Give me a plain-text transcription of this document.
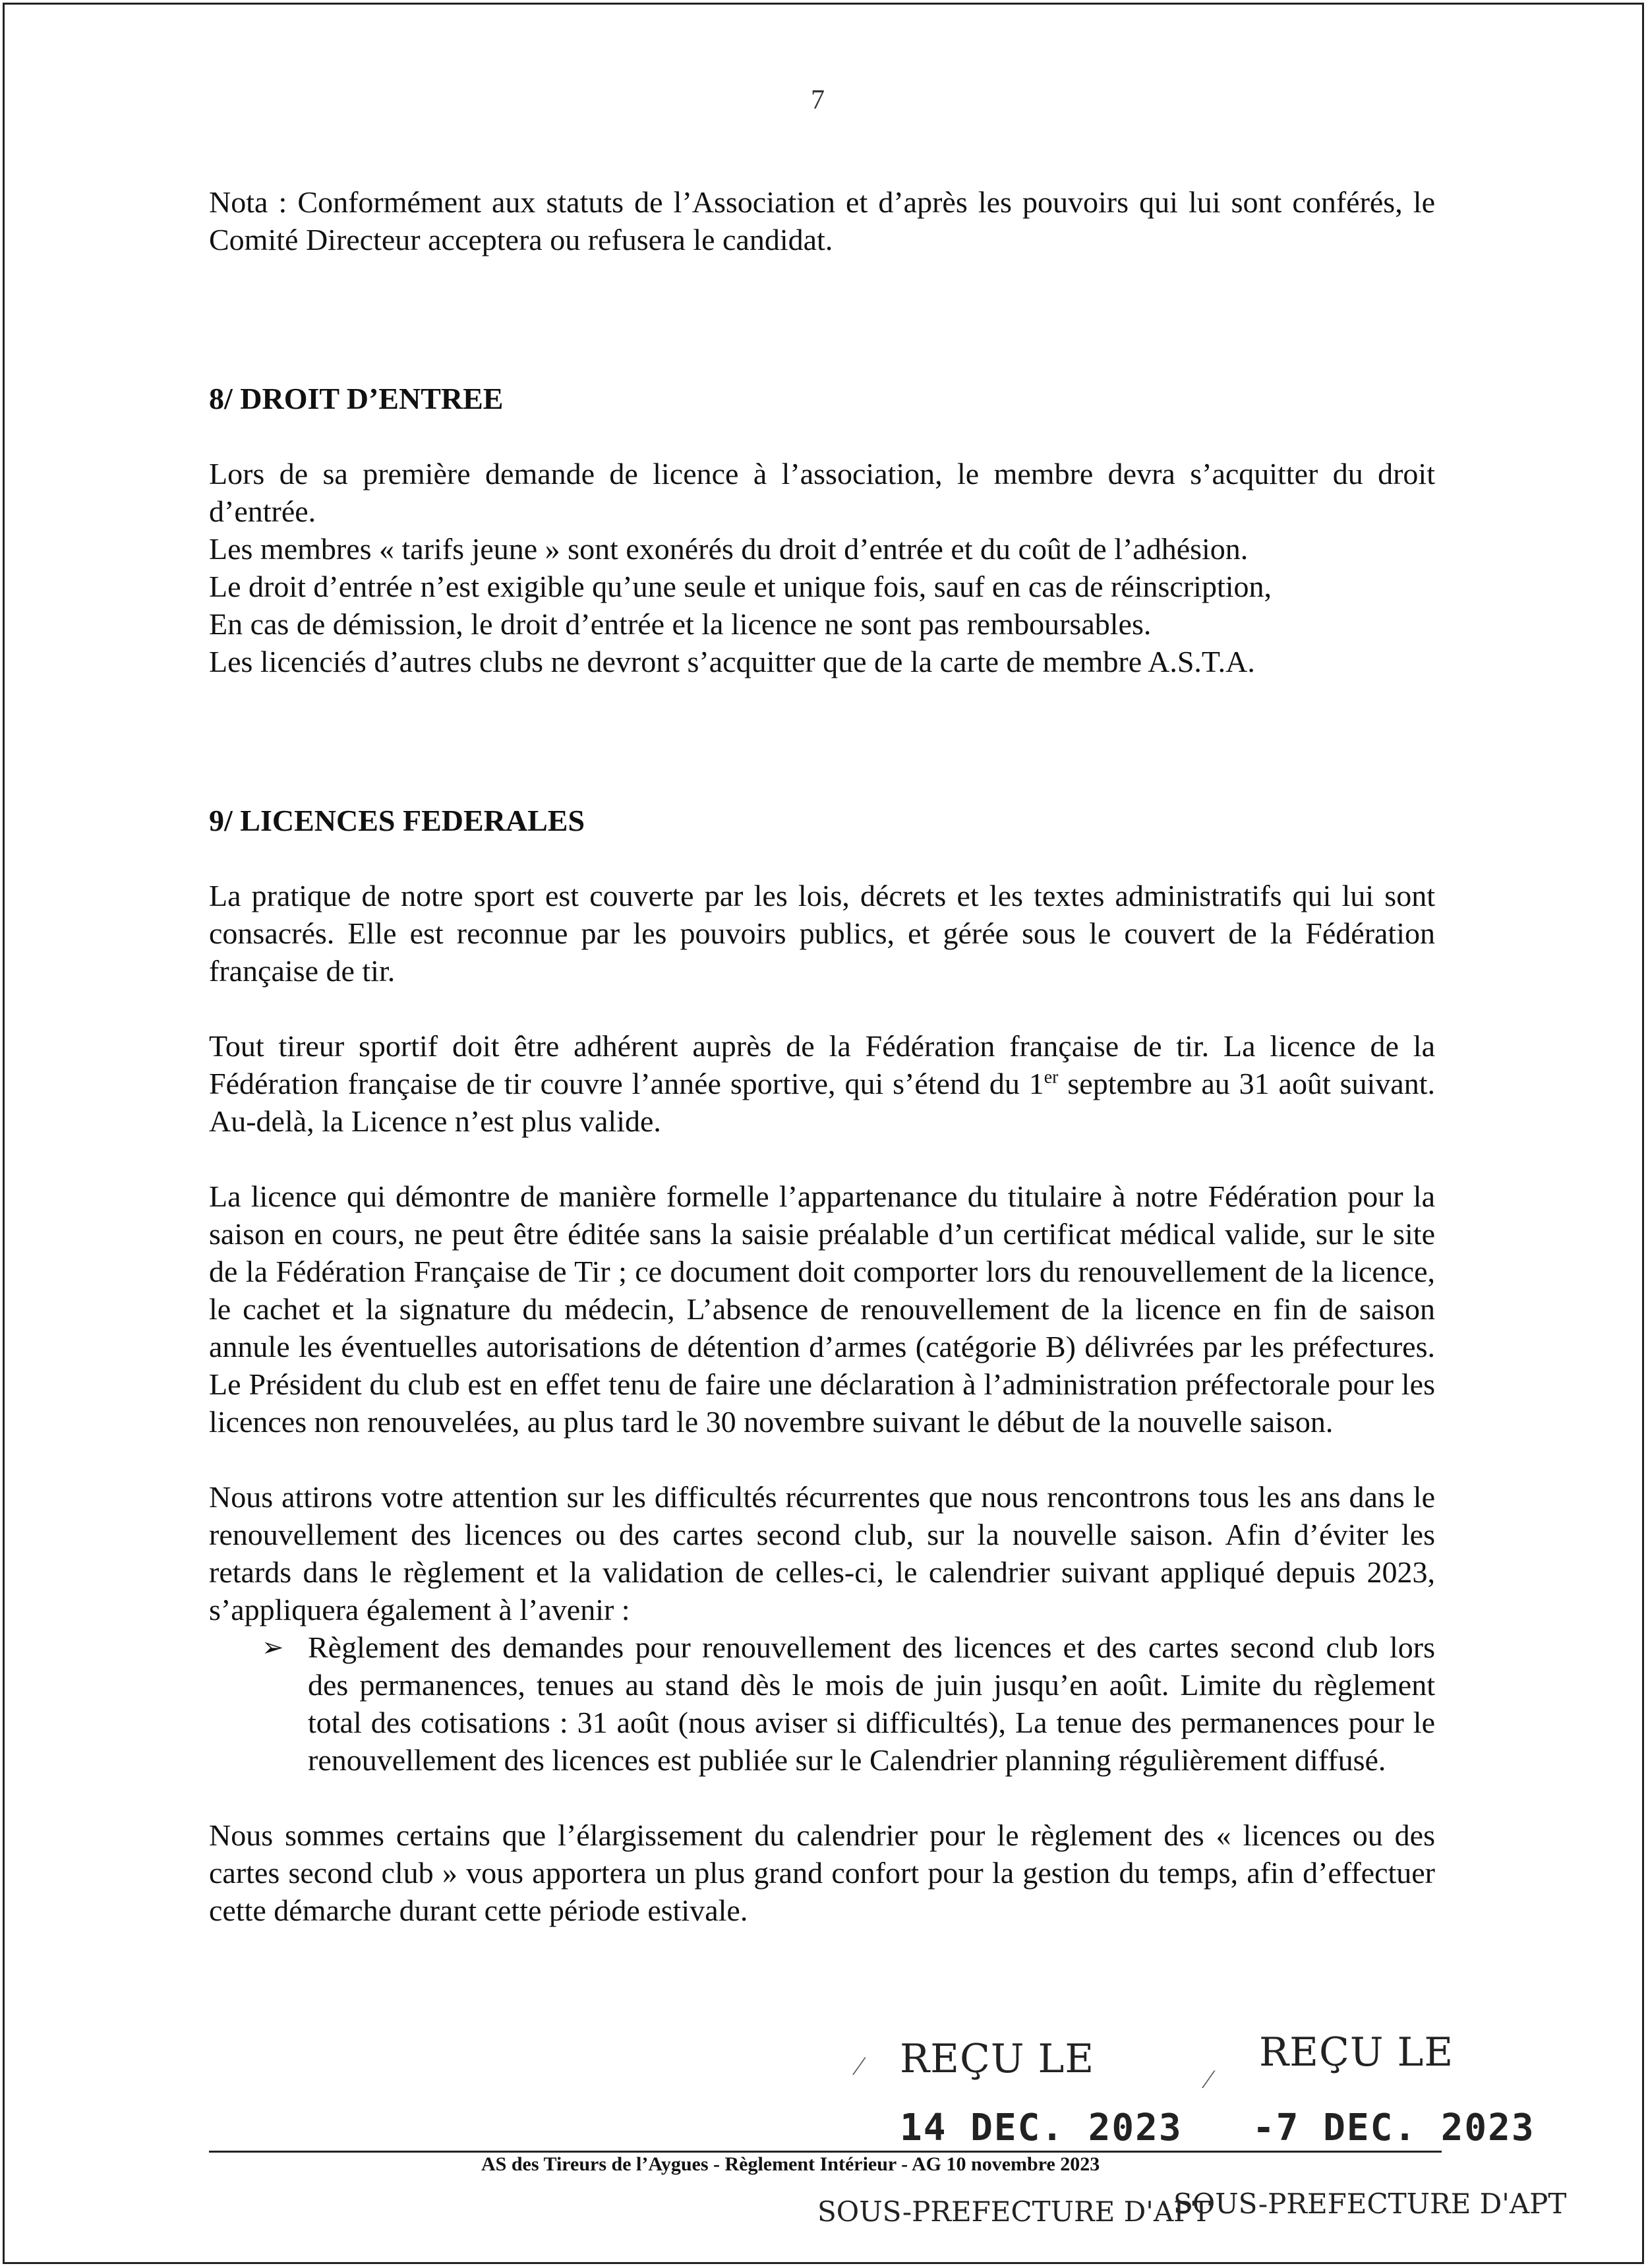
7

Nota : Conformément aux statuts de l’Association et d’après les pouvoirs qui lui sont conférés, le Comité Directeur acceptera ou refusera le candidat.

8/ DROIT D’ENTREE

Lors de sa première demande de licence à l’association, le membre devra s’acquitter du droit d’entrée.

Les membres « tarifs jeune » sont exonérés du droit d’entrée et du coût de l’adhésion.

Le droit d’entrée n’est exigible qu’une seule et unique fois, sauf en cas de réinscription,

En cas de démission, le droit d’entrée et la licence ne sont pas remboursables.

Les licenciés d’autres clubs ne devront s’acquitter que de la carte de membre A.S.T.A.

9/ LICENCES FEDERALES

La pratique de notre sport est couverte par les lois, décrets et les textes administratifs qui lui sont consacrés. Elle est reconnue par les pouvoirs publics, et gérée sous le couvert de la Fédération française de tir.

Tout tireur sportif doit être adhérent auprès de la Fédération française de tir. La licence de la Fédération française de tir couvre l’année sportive, qui s’étend du 1er septembre au 31 août suivant. Au-delà, la Licence n’est plus valide.

La licence qui démontre de manière formelle l’appartenance du titulaire à notre Fédération pour la saison en cours, ne peut être éditée sans la saisie préalable d’un certificat médical valide, sur le site de la Fédération Française de Tir ; ce document doit comporter lors du renouvellement de la licence, le cachet et la signature du médecin, L’absence de renouvellement de la licence en fin de saison annule les éventuelles autorisations de détention d’armes (catégorie B) délivrées par les préfectures. Le Président du club est en effet tenu de faire une déclaration à l’administration préfectorale pour les licences non renouvelées, au plus tard le 30 novembre suivant le début de la nouvelle saison.

Nous attirons votre attention sur les difficultés récurrentes que nous rencontrons tous les ans dans le renouvellement des licences ou des cartes second club, sur la nouvelle saison. Afin d’éviter les retards dans le règlement et la validation de celles-ci, le calendrier suivant appliqué depuis 2023, s’appliquera également à l’avenir :

➢ Règlement des demandes pour renouvellement des licences et des cartes second club lors des permanences, tenues au stand dès le mois de juin jusqu’en août. Limite du règlement total des cotisations : 31 août (nous aviser si difficultés), La tenue des permanences pour le renouvellement des licences est publiée sur le Calendrier planning régulièrement diffusé.

Nous sommes certains que l’élargissement du calendrier pour le règlement des « licences ou des cartes second club » vous apportera un plus grand confort pour la gestion du temps, afin d’effectuer cette démarche durant cette période estivale.

REÇU LE
14 DEC. 2023
SOUS-PREFECTURE D'APT
REÇU LE
-7 DEC. 2023
SOUS-PREFECTURE D'APT
⁄	⁄
AS des Tireurs de l’Aygues - Règlement Intérieur - AG 10 novembre 2023
